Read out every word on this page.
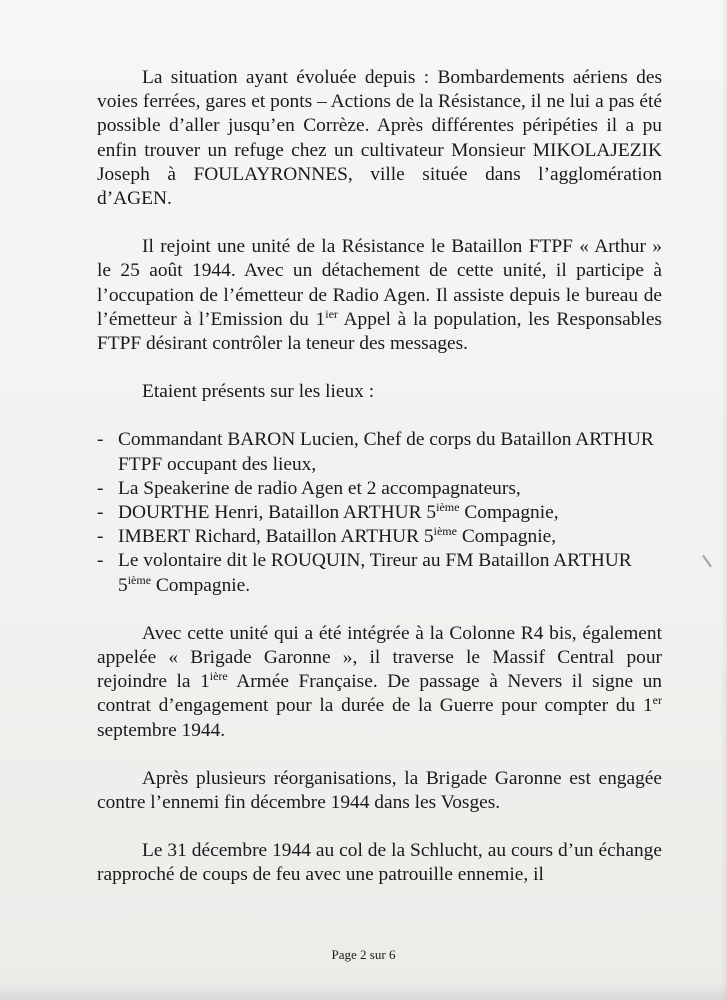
La situation ayant évoluée depuis : Bombardements aériens des voies ferrées, gares et ponts – Actions de la Résistance, il ne lui a pas été possible d’aller jusqu’en Corrèze. Après différentes péripéties il a pu enfin trouver un refuge chez un cultivateur Monsieur MIKOLAJEZIK Joseph à FOULAYRONNES, ville située dans l’agglomération d’AGEN.

Il rejoint une unité de la Résistance le Bataillon FTPF « Arthur » le 25 août 1944. Avec un détachement de cette unité, il participe à l’occupation de l’émetteur de Radio Agen. Il assiste depuis le bureau de l’émetteur à l’Emission du $1^{ier}$ Appel à la population, les Responsables FTPF désirant contrôler la teneur des messages.

Etaient présents sur les lieux :

- Commandant BARON Lucien, Chef de corps du Bataillon ARTHUR FTPF occupant des lieux,
- La Speakerine de radio Agen et 2 accompagnateurs,
- DOURTHE Henri, Bataillon ARTHUR 5ième Compagnie,
- IMBERT Richard, Bataillon ARTHUR 5ième Compagnie,
- Le volontaire dit le ROUQUIN, Tireur au FM Bataillon ARTHUR 5ième Compagnie.

Avec cette unité qui a été intégrée à la Colonne R4 bis, également appelée « Brigade Garonne », il traverse le Massif Central pour rejoindre la $1^{ière}$ Armée Française. De passage à Nevers il signe un contrat d’engagement pour la durée de la Guerre pour compter du 1er septembre 1944.

Après plusieurs réorganisations, la Brigade Garonne est engagée contre l’ennemi fin décembre 1944 dans les Vosges.

Le 31 décembre 1944 au col de la Schlucht, au cours d’un échange rapproché de coups de feu avec une patrouille ennemie, il

Page 2 sur 6
